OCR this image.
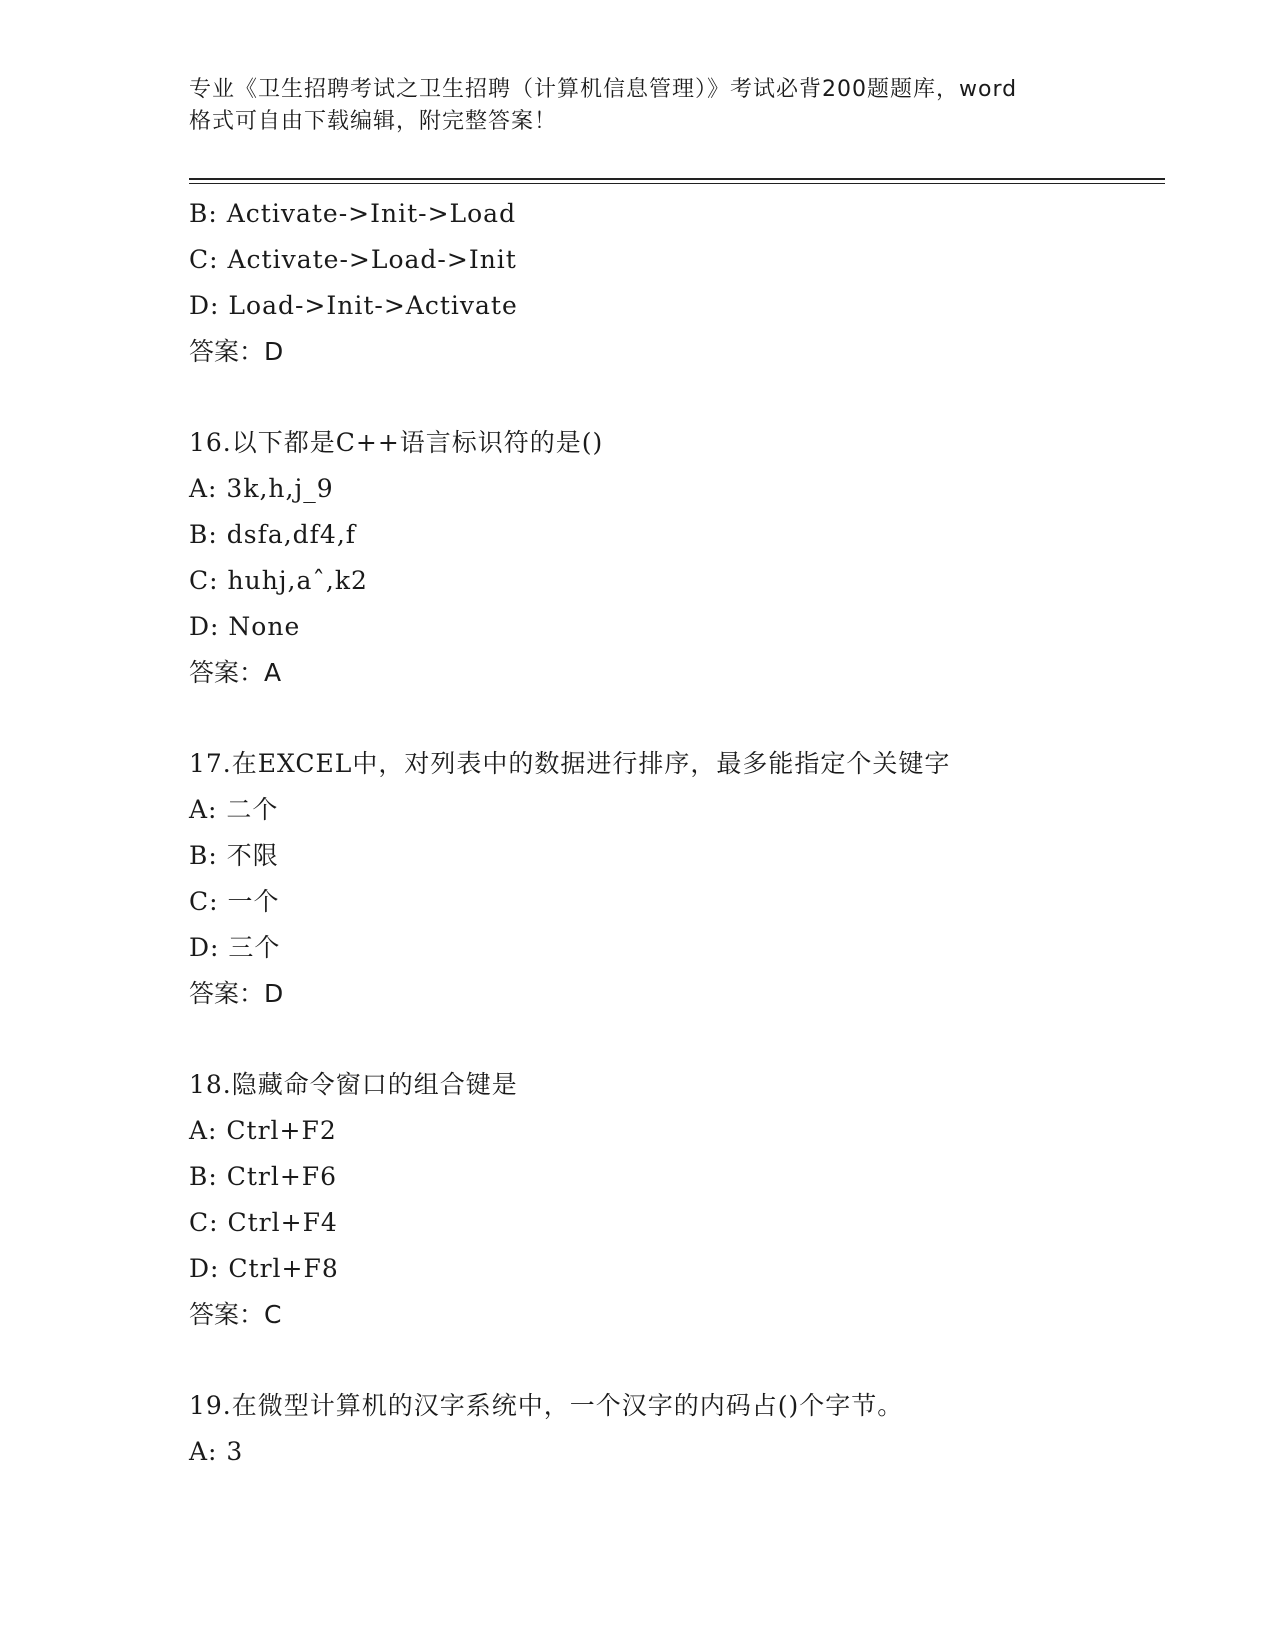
专业《卫生招聘考试之卫生招聘（计算机信息管理）》考试必背200题题库，word
格式可自由下载编辑，附完整答案！
B: Activate->Init->Load
C: Activate->Load->Init
D: Load->Init->Activate
答案：D
16.以下都是C++语言标识符的是()
A: 3k,h,j_9
B: dsfa,df4,f
C: huhj,aˆ,k2
D: None
答案：A
17.在EXCEL中，对列表中的数据进行排序，最多能指定个关键字
A: 二个
B: 不限
C: 一个
D: 三个
答案：D
18.隐藏命令窗口的组合键是
A: Ctrl+F2
B: Ctrl+F6
C: Ctrl+F4
D: Ctrl+F8
答案：C
19.在微型计算机的汉字系统中，一个汉字的内码占()个字节。
A: 3
